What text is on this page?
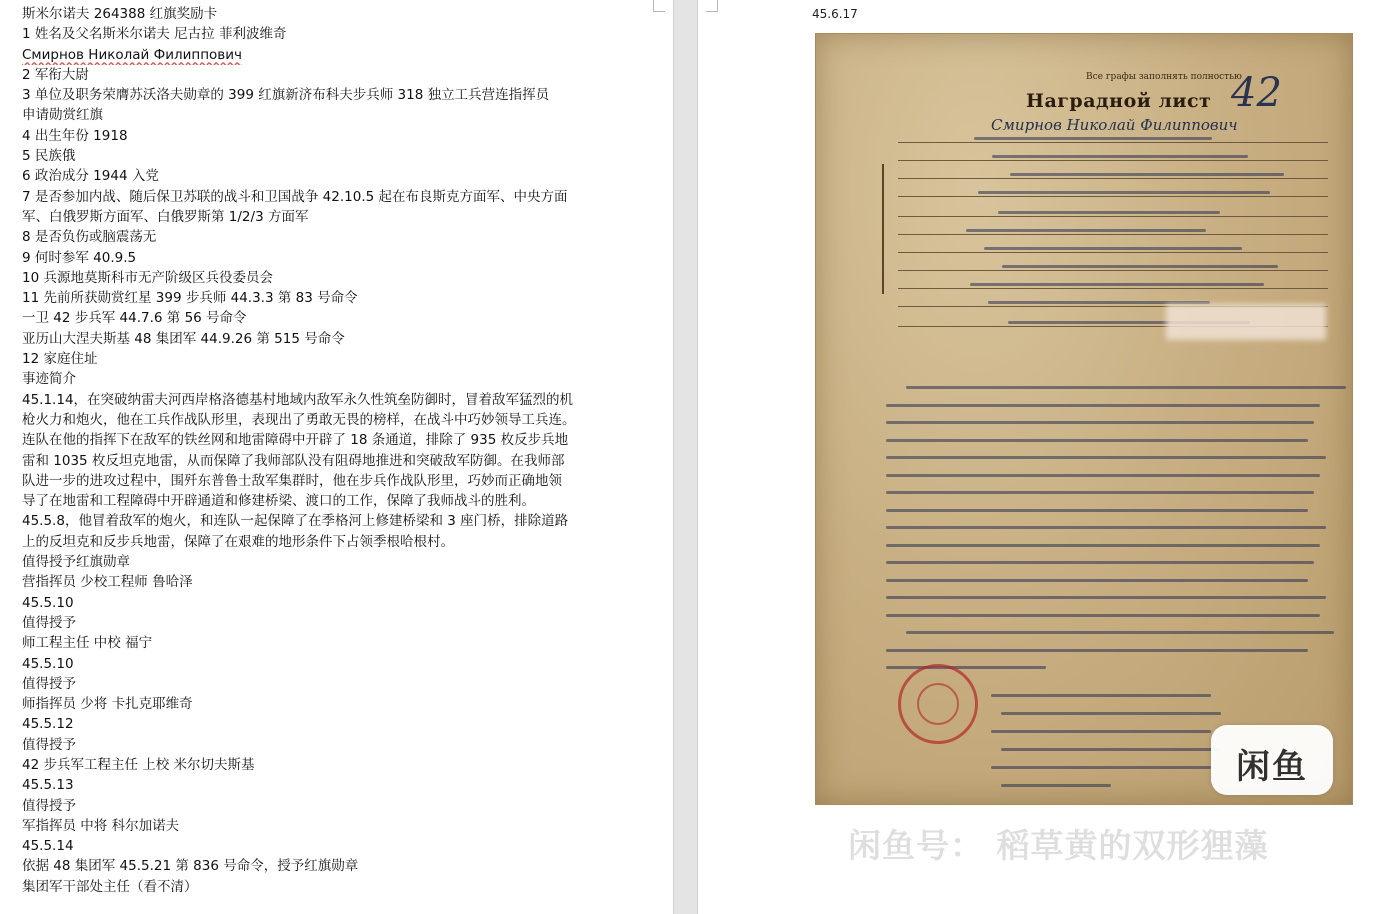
斯米尔诺夫 264388 红旗奖励卡
1 姓名及父名斯米尔诺夫 尼古拉 菲利波维奇
Смирнов Николай Филиппович
2 军衔大尉
3 单位及职务荣膺苏沃洛夫勋章的 399 红旗新济布科夫步兵师 318 独立工兵营连指挥员
申请勋赏红旗
4 出生年份 1918
5 民族俄
6 政治成分 1944 入党
7 是否参加内战、随后保卫苏联的战斗和卫国战争 42.10.5 起在布良斯克方面军、中央方面
军、白俄罗斯方面军、白俄罗斯第 1/2/3 方面军
8 是否负伤或脑震荡无
9 何时参军 40.9.5
10 兵源地莫斯科市无产阶级区兵役委员会
11 先前所获勋赏红星 399 步兵师 44.3.3 第 83 号命令
一卫 42 步兵军 44.7.6 第 56 号命令
亚历山大涅夫斯基 48 集团军 44.9.26 第 515 号命令
12 家庭住址
事迹简介
45.1.14，在突破纳雷夫河西岸格洛德基村地域内敌军永久性筑垒防御时，冒着敌军猛烈的机
枪火力和炮火，他在工兵作战队形里，表现出了勇敢无畏的榜样，在战斗中巧妙领导工兵连。
连队在他的指挥下在敌军的铁丝网和地雷障碍中开辟了 18 条通道，排除了 935 枚反步兵地
雷和 1035 枚反坦克地雷，从而保障了我师部队没有阻碍地推进和突破敌军防御。在我师部
队进一步的进攻过程中，围歼东普鲁士敌军集群时，他在步兵作战队形里，巧妙而正确地领
导了在地雷和工程障碍中开辟通道和修建桥梁、渡口的工作，保障了我师战斗的胜利。
45.5.8，他冒着敌军的炮火，和连队一起保障了在季格河上修建桥梁和 3 座门桥，排除道路
上的反坦克和反步兵地雷，保障了在艰难的地形条件下占领季根哈根村。
值得授予红旗勋章
营指挥员 少校工程师 鲁哈泽
45.5.10
值得授予
师工程主任 中校 福宁
45.5.10
值得授予
师指挥员 少将 卡扎克耶维奇
45.5.12
值得授予
42 步兵军工程主任 上校 米尔切夫斯基
45.5.13
值得授予
军指挥员 中将 科尔加诺夫
45.5.14
依据 48 集团军 45.5.21 第 836 号命令，授予红旗勋章
集团军干部处主任（看不清）
45.6.17
Все графы заполнять полностью
Наградной лист 42
Смирнов Николай Филиппович
闲鱼
闲鱼号： 稻草黄的双形狸藻
